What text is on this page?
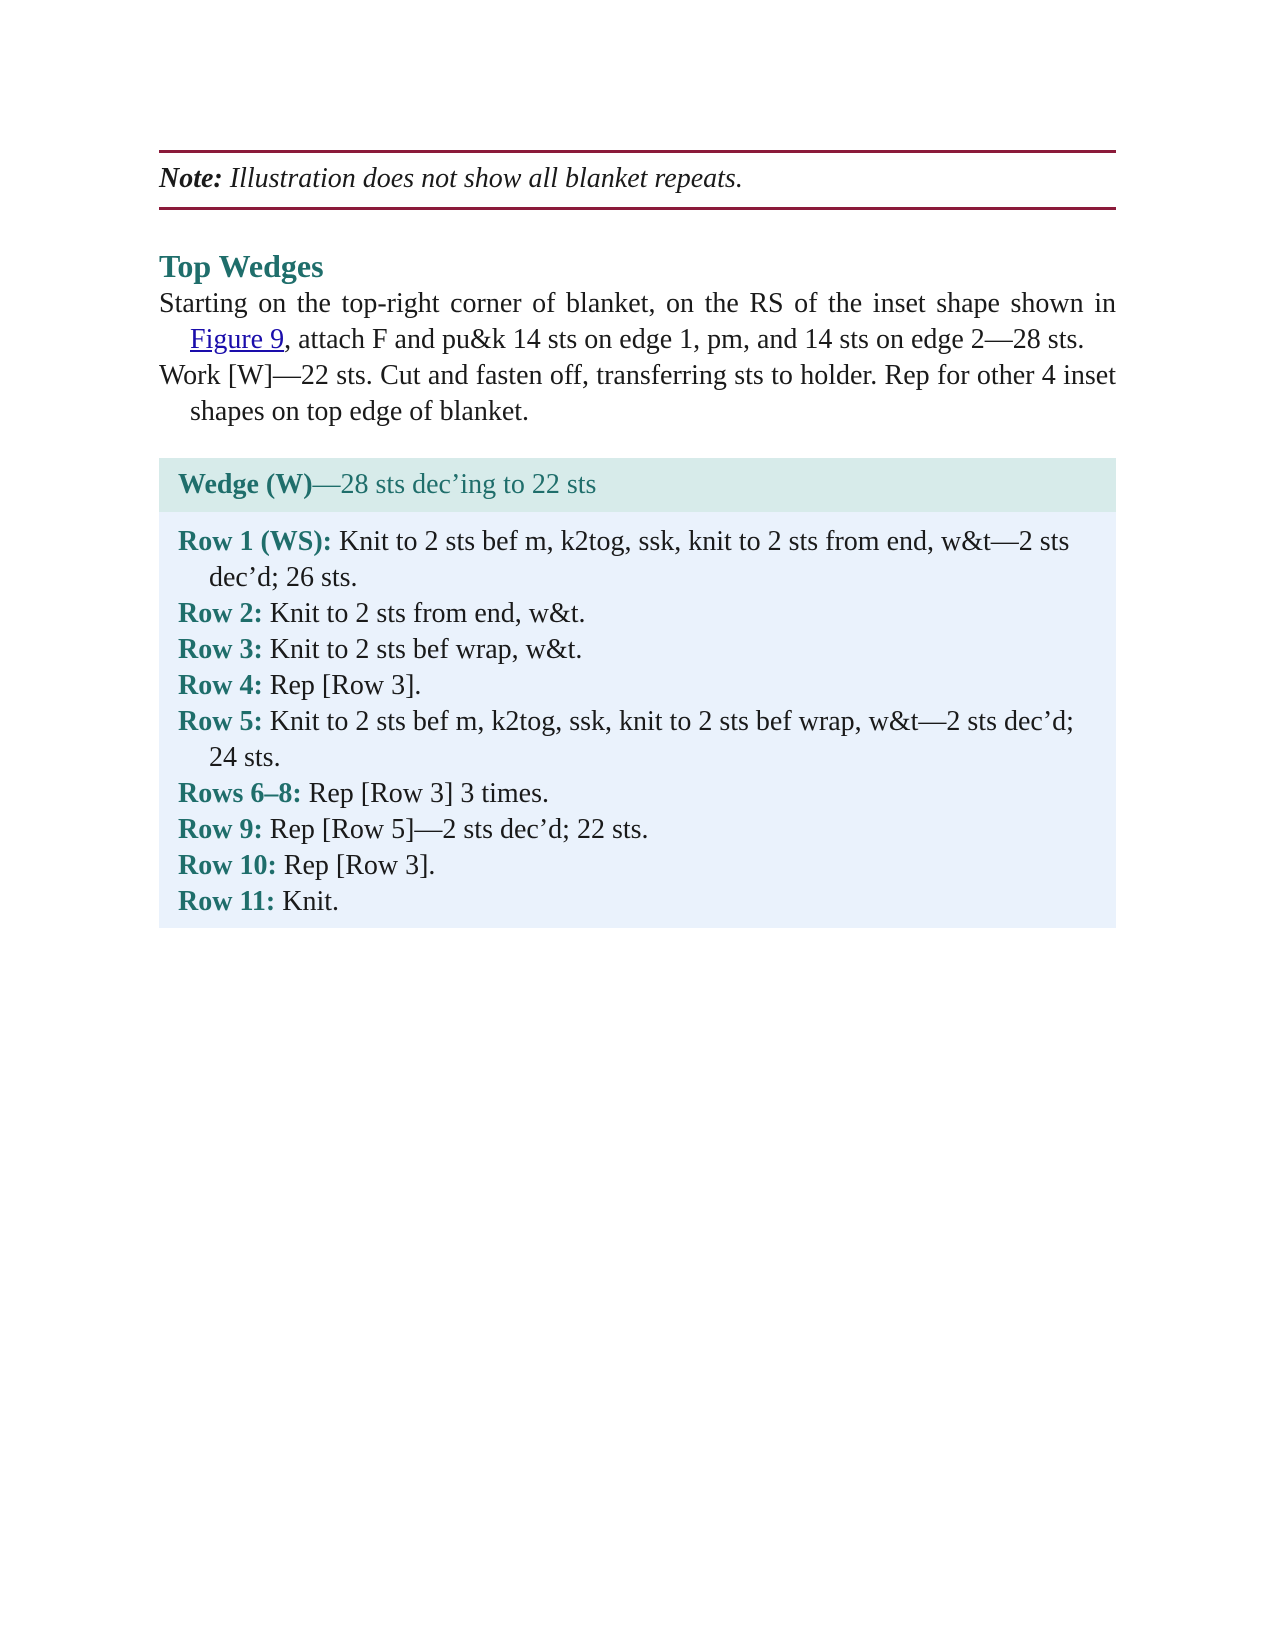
Note: Illustration does not show all blanket repeats.
Top Wedges

Starting on the top-right corner of blanket, on the RS of the inset shape shown in Figure 9, attach F and pu&k 14 sts on edge 1, pm, and 14 sts on edge 2—28 sts.

Work [W]—22 sts. Cut and fasten off, transferring sts to holder. Rep for other 4 inset shapes on top edge of blanket.

Wedge (W)—28 sts dec’ing to 22 sts

Row 1 (WS): Knit to 2 sts bef m, k2tog, ssk, knit to 2 sts from end, w&t—2 sts dec’d; 26 sts.

Row 2: Knit to 2 sts from end, w&t.

Row 3: Knit to 2 sts bef wrap, w&t.

Row 4: Rep [Row 3].

Row 5: Knit to 2 sts bef m, k2tog, ssk, knit to 2 sts bef wrap, w&t—2 sts dec’d; 24 sts.

Rows 6–8: Rep [Row 3] 3 times.

Row 9: Rep [Row 5]—2 sts dec’d; 22 sts.

Row 10: Rep [Row 3].

Row 11: Knit.
